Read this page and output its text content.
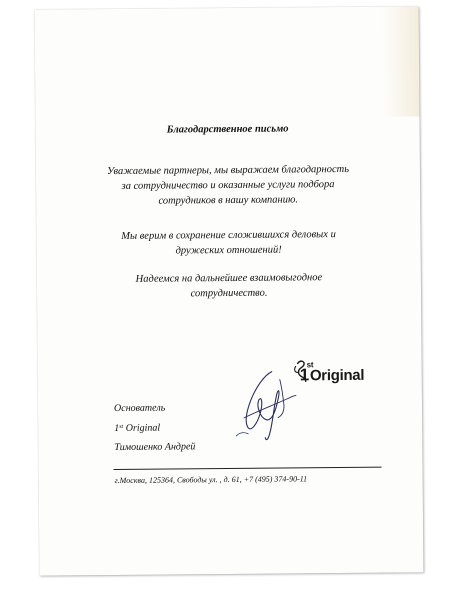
Благодарственное письмо

Уважаемые партнеры, мы выражаем благодарность
за сотрудничество и оказанные услуги подбора
сотрудников в нашу компанию.

Мы верим в сохранение сложившихся деловых и
дружеских отношений!

Надеемся на дальнейшее взаимовыгодное
сотрудничество.

1
st
Original
Основатель
1st Original
Тимошенко Андрей
г.Москва, 125364, Свободы ул. , д. 61, +7 (495) 374-90-11
